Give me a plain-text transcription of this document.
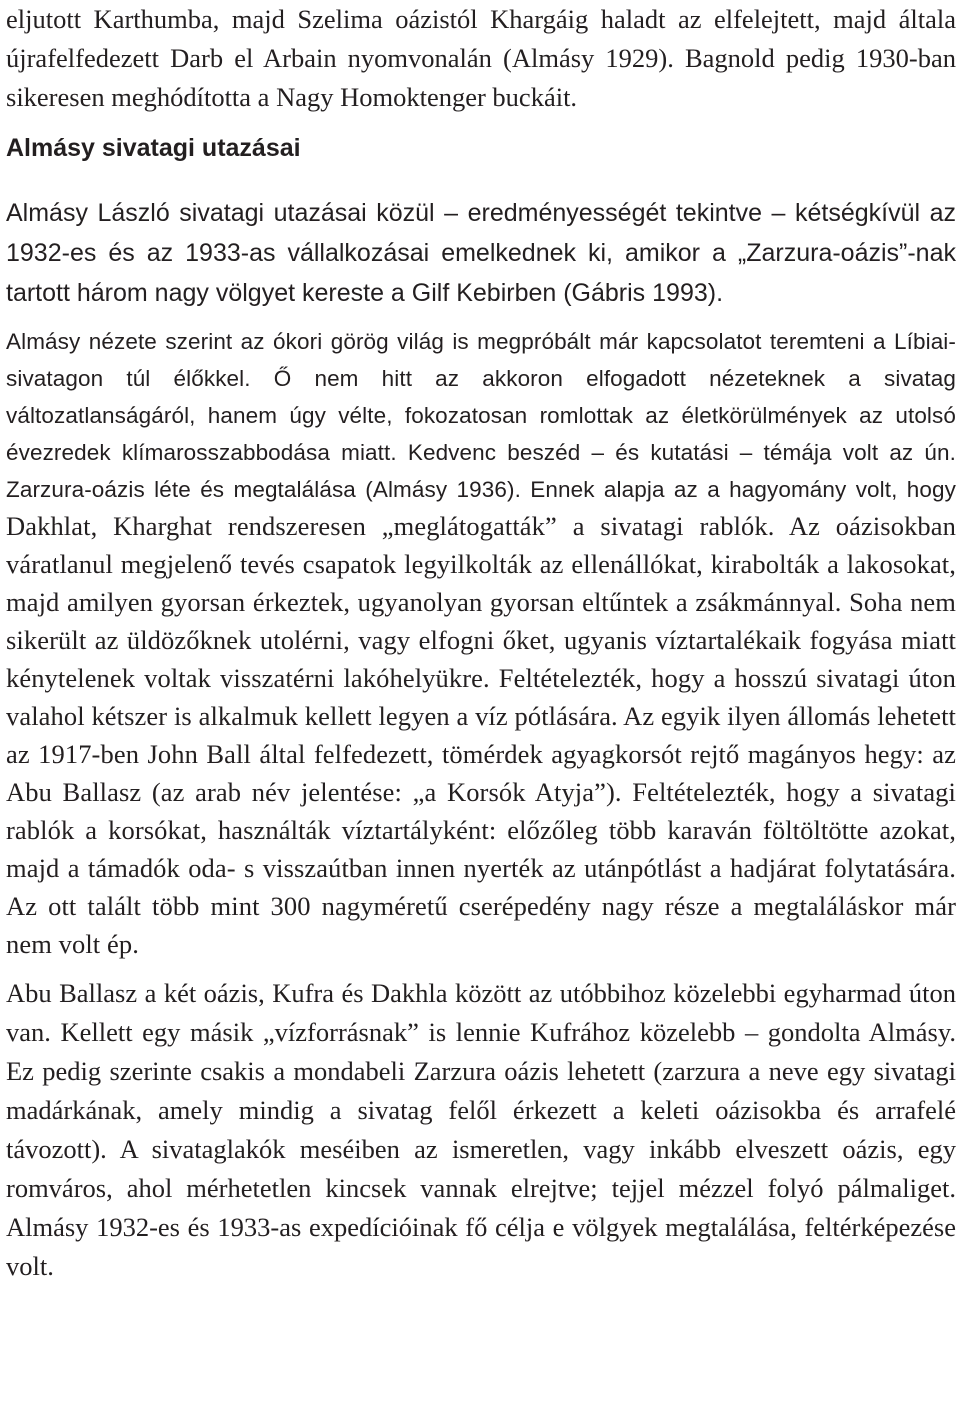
eljutott Karthumba, majd Szelima oázistól Khargáig haladt az elfelejtett, majd általa újrafelfedezett Darb el Arbain nyomvonalán (Almásy 1929). Bagnold pedig 1930-ban sikeresen meghódította a Nagy Homoktenger buckáit.

Almásy sivatagi utazásai

Almásy László sivatagi utazásai közül – eredményességét tekintve – kétségkívül az 1932-es és az 1933-as vállalkozásai emelkednek ki, amikor a „Zarzura-oázis”-nak tartott három nagy völgyet kereste a Gilf Kebirben (Gábris 1993).

Almásy nézete szerint az ókori görög világ is megpróbált már kapcsolatot teremteni a Líbiai-sivatagon túl élőkkel. Ő nem hitt az akkoron elfogadott nézeteknek a sivatag változatlanságáról, hanem úgy vélte, fokozatosan romlottak az életkörülmények az utolsó évezredek klímarosszabbodása miatt. Kedvenc beszéd – és kutatási – témája volt az ún. Zarzura-oázis léte és megtalálása (Almásy 1936). Ennek alapja az a hagyomány volt, hogy Dakhlat, Kharghat rendszeresen „meglátogatták” a sivatagi rablók. Az oázisokban váratlanul megjelenő tevés csapatok legyilkolták az ellenállókat, kirabolták a lakosokat, majd amilyen gyorsan érkeztek, ugyanolyan gyorsan eltűntek a zsákmánnyal. Soha nem sikerült az üldözőknek utolérni, vagy elfogni őket, ugyanis víztartalékaik fogyása miatt kénytelenek voltak visszatérni lakóhelyükre. Feltételezték, hogy a hosszú sivatagi úton valahol kétszer is alkalmuk kellett legyen a víz pótlására. Az egyik ilyen állomás lehetett az 1917-ben John Ball által felfedezett, tömérdek agyagkorsót rejtő magányos hegy: az Abu Ballasz (az arab név jelentése: „a Korsók Atyja”). Feltételezték, hogy a sivatagi rablók a korsókat, használták víztartályként: előzőleg több karaván föltöltötte azokat, majd a támadók oda- s visszaútban innen nyerték az utánpótlást a hadjárat folytatására. Az ott talált több mint 300 nagyméretű cserépedény nagy része a megtaláláskor már nem volt ép.

Abu Ballasz a két oázis, Kufra és Dakhla között az utóbbihoz közelebbi egyharmad úton van. Kellett egy másik „vízforrásnak” is lennie Kufrához közelebb – gondolta Almásy. Ez pedig szerinte csakis a mondabeli Zarzura oázis lehetett (zarzura a neve egy sivatagi madárkának, amely mindig a sivatag felől érkezett a keleti oázisokba és arrafelé távozott). A sivataglakók meséiben az ismeretlen, vagy inkább elveszett oázis, egy romváros, ahol mérhetetlen kincsek vannak elrejtve; tejjel mézzel folyó pálmaliget. Almásy 1932-es és 1933-as expedícióinak fő célja e völgyek megtalálása, feltérképezése volt.
